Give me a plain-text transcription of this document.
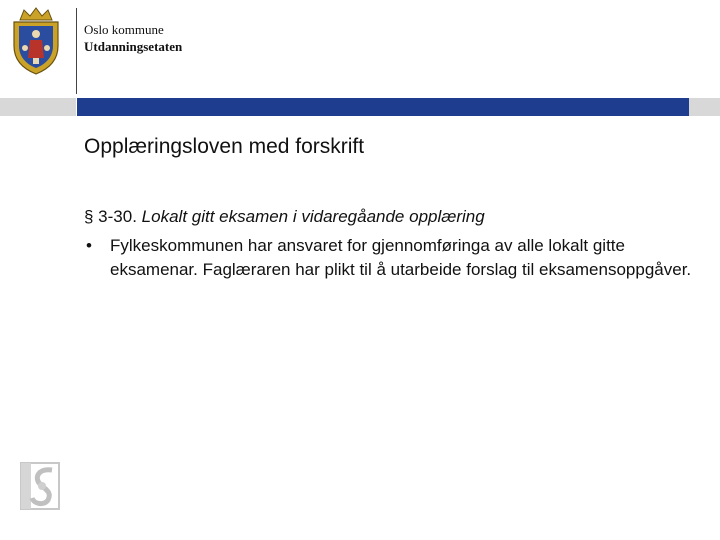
Oslo kommune
Utdanningsetaten
Opplæringsloven med forskrift
§ 3-30. Lokalt gitt eksamen i vidaregåande opplæring
• Fylkeskommunen har ansvaret for gjennomføringa av alle lokalt gitte eksamenar. Faglæraren har plikt til å utarbeide forslag til eksamensoppgåver.
